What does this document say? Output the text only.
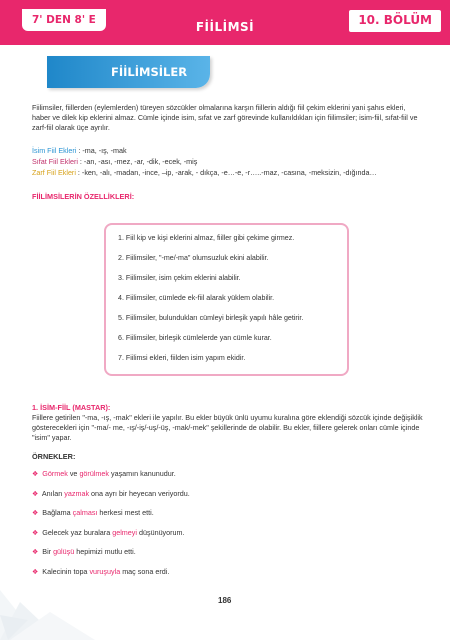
7' DEN 8' E	FİİLİMSİ	10. BÖLÜM
FİİLİMSİLER

Fiilimsiler, fiillerden (eylemlerden) türeyen sözcükler olmalarına karşın fiillerin aldığı fiil çekim eklerini yani şahıs ekleri, haber ve dilek kip eklerini almaz. Cümle içinde isim, sıfat ve zarf görevinde kullanıldıkları için fiilimsiler; isim-fiil, sıfat-fiil ve zarf-fiil olarak üçe ayrılır.

İsim Fiil Ekleri : -ma, -ış, -mak
Sıfat Fiil Ekleri : -an, -ası, -mez, -ar, -dik, -ecek, -miş
Zarf Fiil Ekleri : -ken, -alı, -madan, -ince, –ip, -arak, - dıkça, -e…-e, -r…..-maz, -casına, -meksizin, -dığında…
FİİLİMSİLERİN ÖZELLİKLERİ:
1. Fiil kip ve kişi eklerini almaz, fiiller gibi çekime girmez.
2. Fiilimsiler, "-me/-ma" olumsuzluk ekini alabilir.
3. Fiilimsiler, isim çekim eklerini alabilir.
4. Fiilimsiler, cümlede ek-fiil alarak yüklem olabilir.
5. Fiilimsiler, bulundukları cümleyi birleşik yapılı hâle getirir.
6. Fiilimsiler, birleşik cümlelerde yan cümle kurar.
7. Fiilimsi ekleri, fiilden isim yapım ekidir.
1. İSİM-FİİL (MASTAR):

Fiillere getirilen "-ma, -ış, -mak" ekleri ile yapılır. Bu ekler büyük ünlü uyumu kuralına göre eklendiği sözcük içinde değişiklik gösterecekleri için "-ma/- me, -ış/-iş/-uş/-üş, -mak/-mek" şekillerinde de olabilir. Bu ekler, fiillere gelerek onları cümle içinde "isim" yapar.

ÖRNEKLER:
❖ Görmek ve görülmek yaşamın kanunudur.
❖ Anılan yazmak ona ayrı bir heyecan veriyordu.
❖ Bağlama çalması herkesi mest etti.
❖ Gelecek yaz buralara gelmeyi düşünüyorum.
❖ Bir gülüşü hepimizi mutlu etti.
❖ Kalecinin topa vuruşuyla maç sona erdi.
186
